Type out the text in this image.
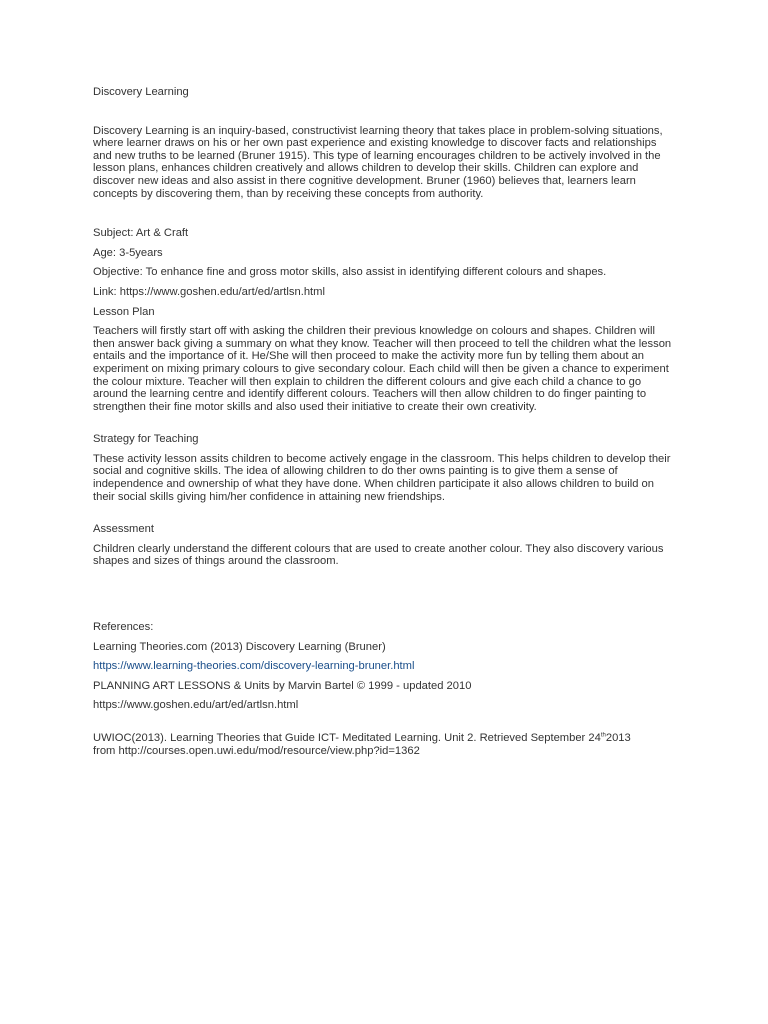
Discovery Learning

Discovery Learning is an inquiry-based, constructivist learning theory that takes place in problem-solving situations, where learner draws on his or her own past experience and existing knowledge to discover facts and relationships and new truths to be learned (Bruner 1915). This type of learning encourages children to be actively involved in the lesson plans, enhances children creatively and allows children to develop their skills. Children can explore and discover new ideas and also assist in there cognitive development. Bruner (1960) believes that, learners learn concepts by discovering them, than by receiving these concepts from authority.

Subject: Art & Craft

Age: 3-5years

Objective: To enhance fine and gross motor skills, also assist in identifying different colours and shapes.

Link: https://www.goshen.edu/art/ed/artlsn.html

Lesson Plan

Teachers will firstly start off with asking the children their previous knowledge on colours and shapes. Children will then answer back giving a summary on what they know. Teacher will then proceed to tell the children what the lesson entails and the importance of it. He/She will then proceed to make the activity more fun by telling them about an experiment on mixing primary colours to give secondary colour. Each child will then be given a chance to experiment the colour mixture. Teacher will then explain to children the different colours and give each child a chance to go around the learning centre and identify different colours. Teachers will then allow children to do finger painting to strengthen their fine motor skills and also used their initiative to create their own creativity.

Strategy for Teaching

These activity lesson assits children to become actively engage in the classroom. This helps children to develop their social and cognitive skills. The idea of allowing children to do ther owns painting is to give them a sense of independence and ownership of what they have done. When children participate it also allows children to build on their social skills giving him/her confidence in attaining new friendships.

Assessment

Children clearly understand the different colours that are used to create another colour. They also discovery various shapes and sizes of things around the classroom.

References:

Learning Theories.com (2013) Discovery Learning (Bruner)

https://www.learning-theories.com/discovery-learning-bruner.html

PLANNING ART LESSONS & Units by Marvin Bartel © 1999 - updated 2010

https://www.goshen.edu/art/ed/artlsn.html

UWIOC(2013). Learning Theories that Guide ICT- Meditated Learning. Unit 2. Retrieved September 24th2013
from http://courses.open.uwi.edu/mod/resource/view.php?id=1362
